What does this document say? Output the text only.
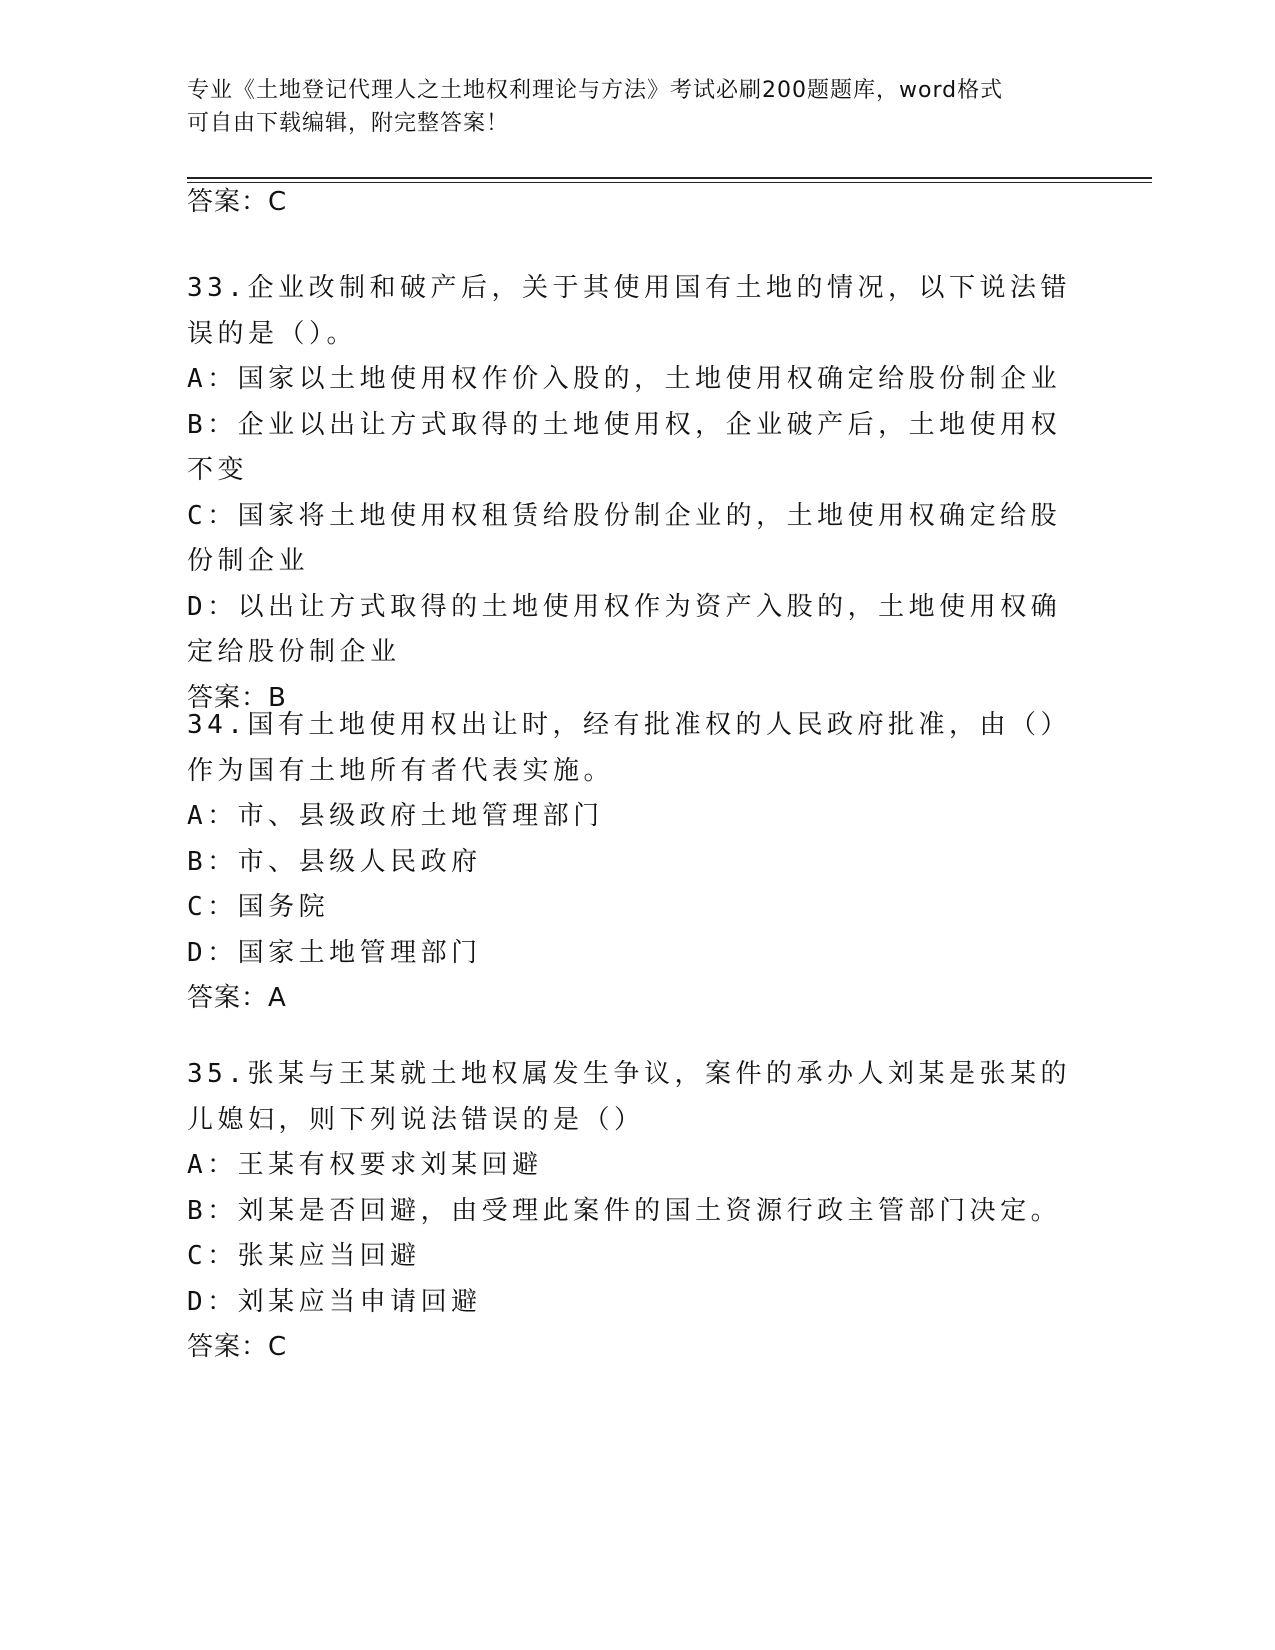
专业《土地登记代理人之土地权利理论与方法》考试必刷200题题库，word格式
可自由下载编辑，附完整答案！
答案：C

33.企业改制和破产后，关于其使用国有土地的情况，以下说法错误的是（）。

A：国家以土地使用权作价入股的，土地使用权确定给股份制企业

B：企业以出让方式取得的土地使用权，企业破产后，土地使用权不变

C：国家将土地使用权租赁给股份制企业的，土地使用权确定给股份制企业

D：以出让方式取得的土地使用权作为资产入股的，土地使用权确定给股份制企业

答案：B

34.国有土地使用权出让时，经有批准权的人民政府批准，由（）作为国有土地所有者代表实施。

A：市、县级政府土地管理部门

B：市、县级人民政府

C：国务院

D：国家土地管理部门

答案：A

35.张某与王某就土地权属发生争议，案件的承办人刘某是张某的儿媳妇，则下列说法错误的是（）

A：王某有权要求刘某回避

B：刘某是否回避，由受理此案件的国土资源行政主管部门决定。

C：张某应当回避

D：刘某应当申请回避

答案：C
